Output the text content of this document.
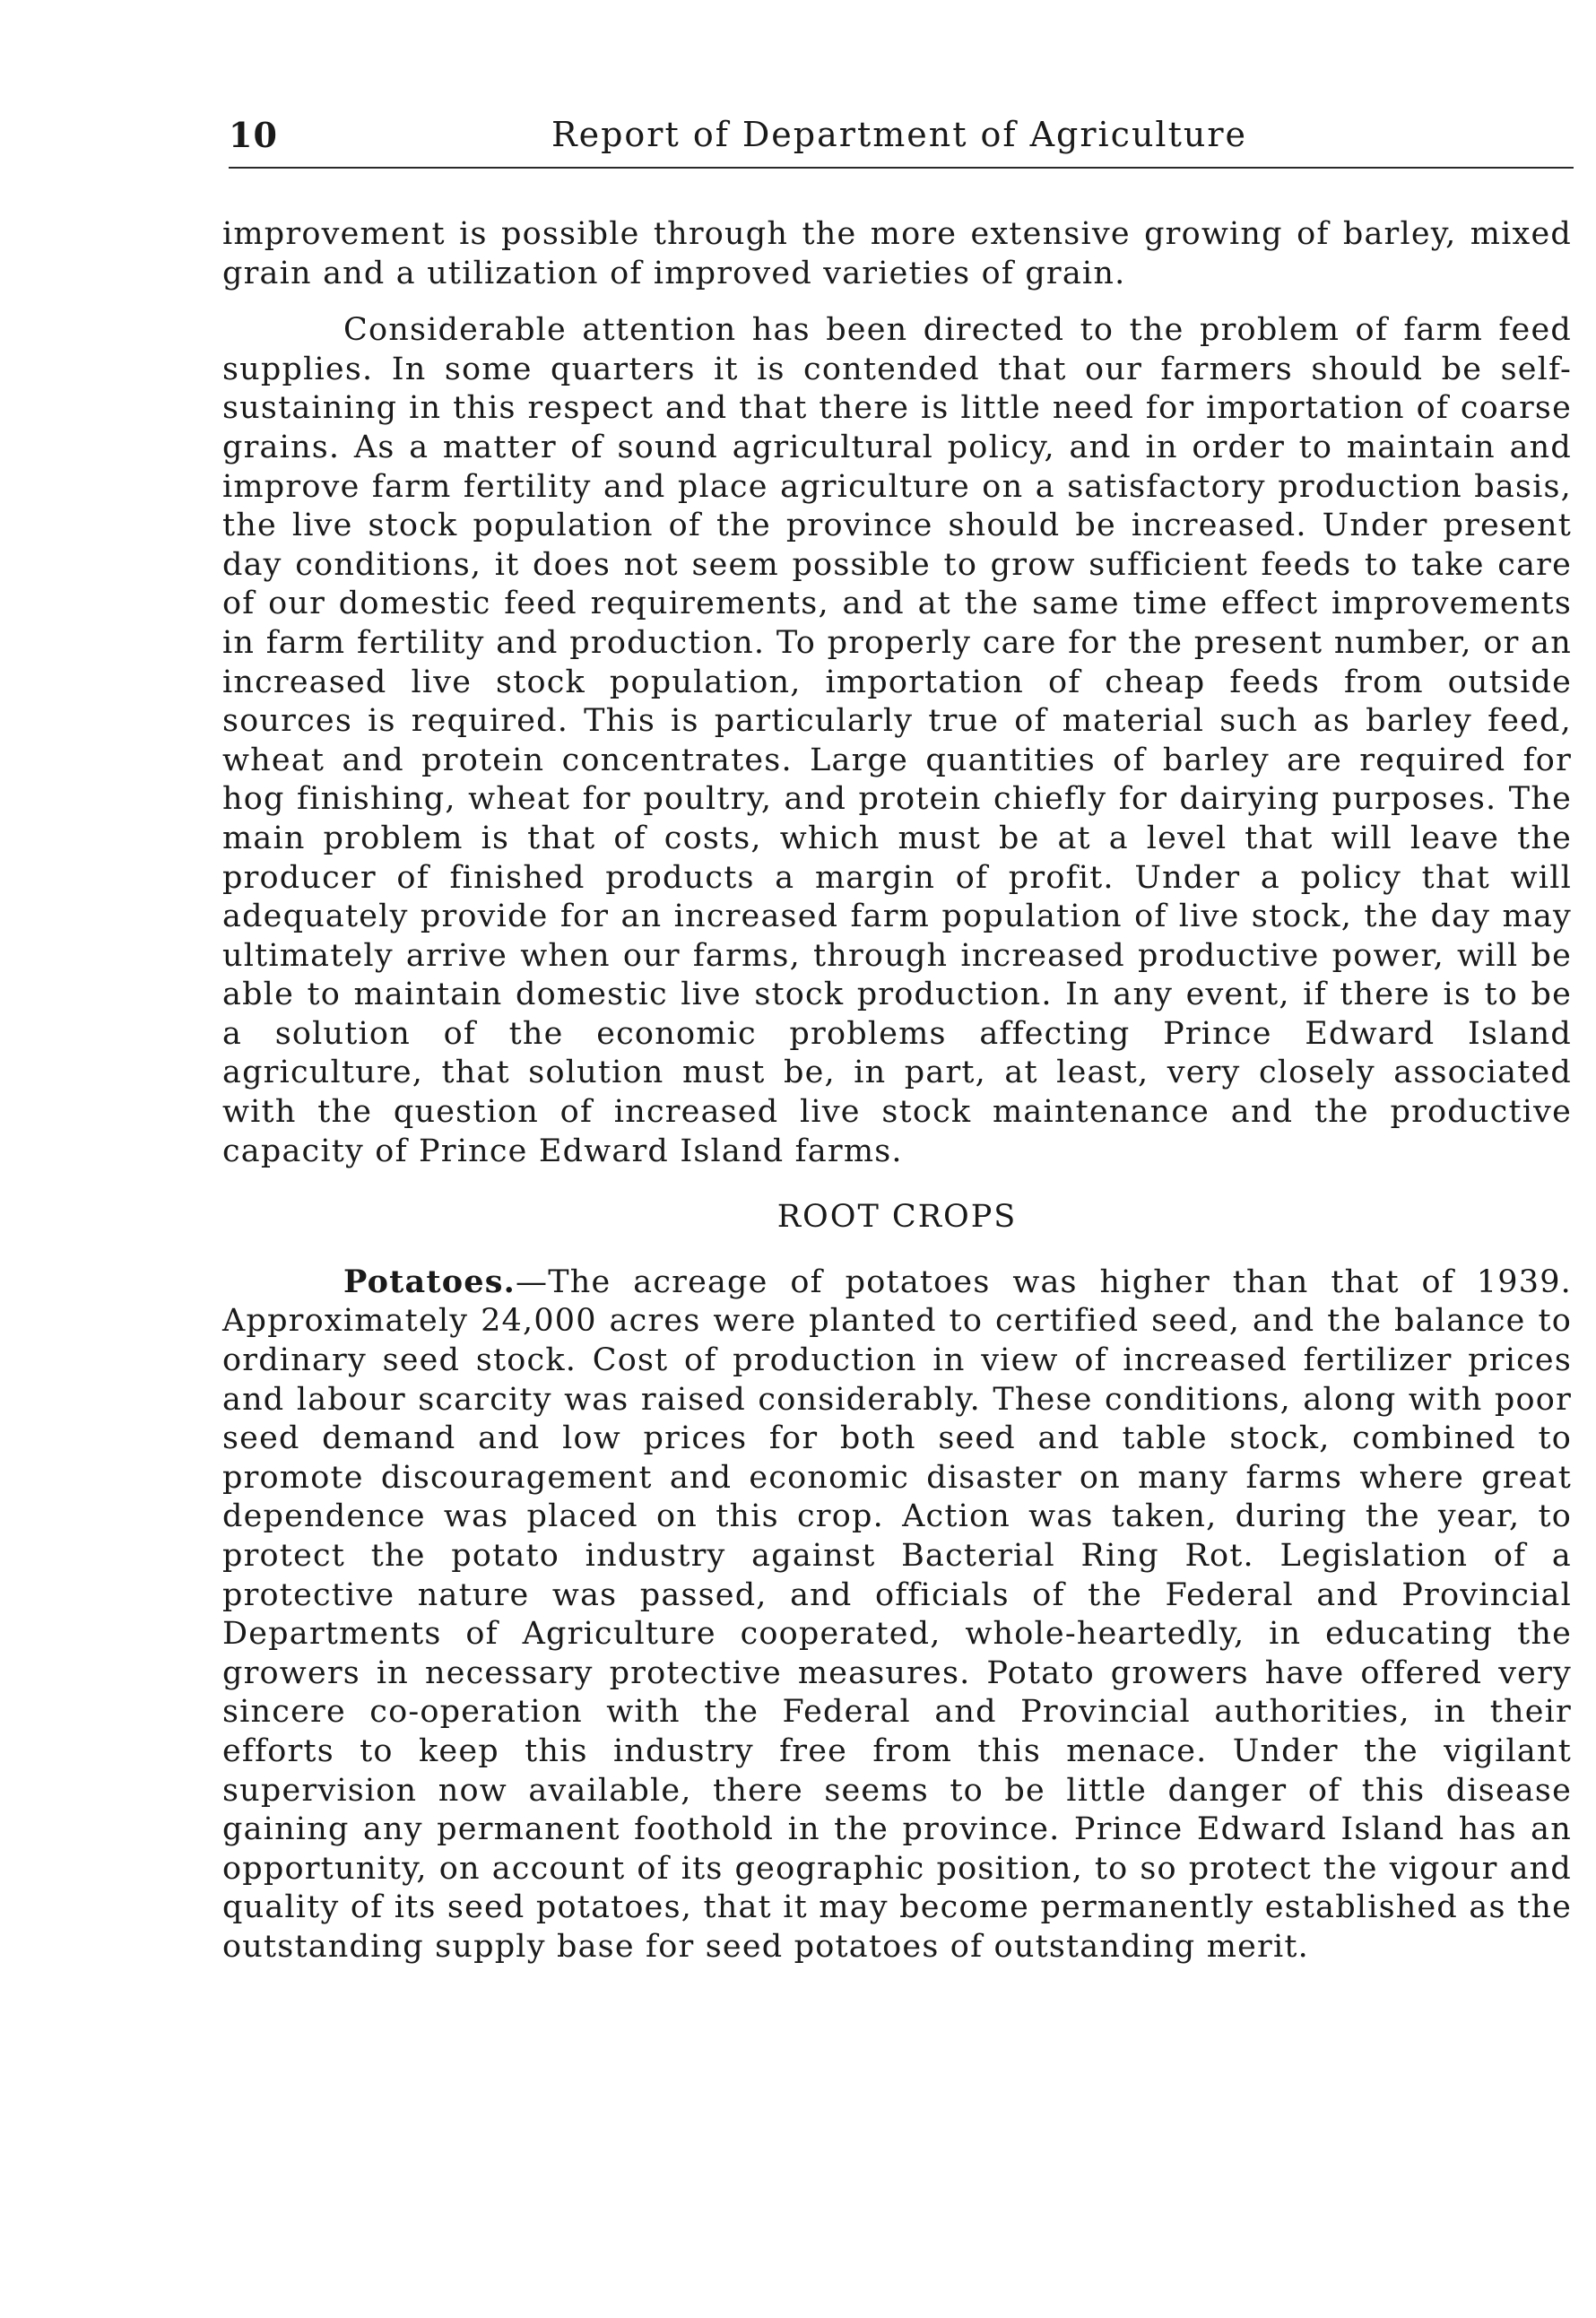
10	Report of Department of Agriculture

improvement is possible through the more extensive growing of barley, mixed grain and a utilization of improved varieties of grain.

Considerable attention has been directed to the problem of farm feed supplies. In some quarters it is contended that our farmers should be self-sustaining in this respect and that there is little need for importation of coarse grains. As a matter of sound agricultural policy, and in order to maintain and improve farm fertility and place agriculture on a satisfactory production basis, the live stock population of the province should be increased. Under present day conditions, it does not seem possible to grow sufficient feeds to take care of our domestic feed requirements, and at the same time effect improvements in farm fertility and production. To properly care for the present number, or an increased live stock population, importation of cheap feeds from outside sources is required. This is particularly true of material such as barley feed, wheat and protein concentrates. Large quantities of barley are required for hog finishing, wheat for poultry, and protein chiefly for dairying purposes. The main problem is that of costs, which must be at a level that will leave the producer of finished products a margin of profit. Under a policy that will adequately provide for an increased farm population of live stock, the day may ultimately arrive when our farms, through increased productive power, will be able to maintain domestic live stock production. In any event, if there is to be a solution of the economic problems affecting Prince Edward Island agriculture, that solution must be, in part, at least, very closely associated with the question of increased live stock maintenance and the productive capacity of Prince Edward Island farms.

ROOT CROPS

Potatoes.—The acreage of potatoes was higher than that of 1939. Approximately 24,000 acres were planted to certified seed, and the balance to ordinary seed stock. Cost of production in view of increased fertilizer prices and labour scarcity was raised considerably. These conditions, along with poor seed demand and low prices for both seed and table stock, combined to promote discouragement and economic disaster on many farms where great dependence was placed on this crop. Action was taken, during the year, to protect the potato industry against Bacterial Ring Rot. Legislation of a protective nature was passed, and officials of the Federal and Provincial Departments of Agriculture cooperated, whole-heartedly, in educating the growers in necessary protective measures. Potato growers have offered very sincere co-operation with the Federal and Provincial authorities, in their efforts to keep this industry free from this menace. Under the vigilant supervision now available, there seems to be little danger of this disease gaining any permanent foothold in the province. Prince Edward Island has an opportunity, on account of its geographic position, to so protect the vigour and quality of its seed potatoes, that it may become permanently established as the outstanding supply base for seed potatoes of outstanding merit.
